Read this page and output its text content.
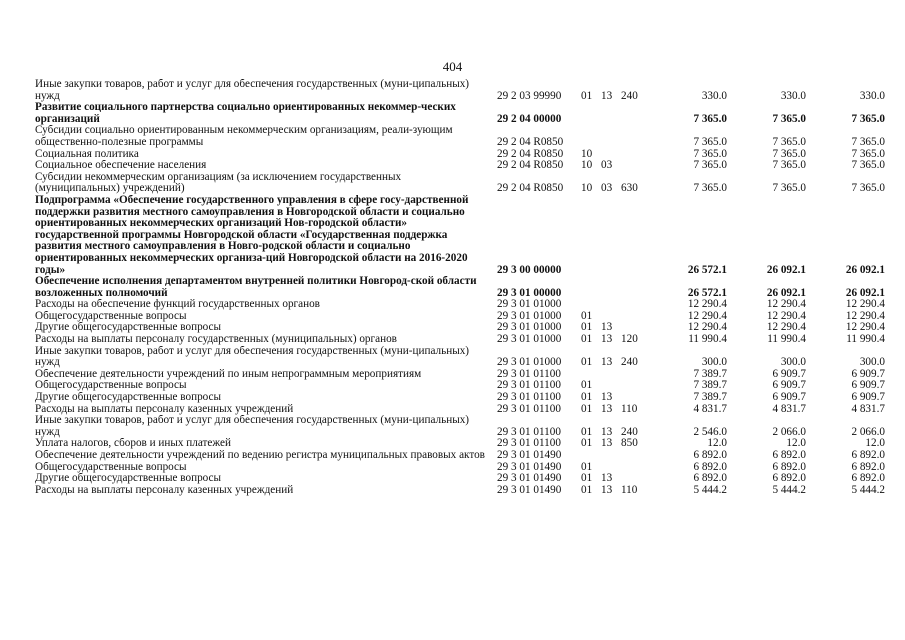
404
Иные закупки товаров, работ и услуг для обеспечения государственных (муни-ципальных) нужд	29 2 03 99990	01	13	240	330.0	330.0	330.0
Развитие социального партнерства социально ориентированных некоммер-ческих организаций	29 2 04 00000				7 365.0	7 365.0	7 365.0
Субсидии социально ориентированным некоммерческим организациям, реали-зующим общественно-полезные программы	29 2 04 R0850				7 365.0	7 365.0	7 365.0
Социальная политика	29 2 04 R0850	10			7 365.0	7 365.0	7 365.0
Социальное обеспечение населения	29 2 04 R0850	10	03		7 365.0	7 365.0	7 365.0
Субсидии некоммерческим организациям (за исключением государственных (муниципальных) учреждений)	29 2 04 R0850	10	03	630	7 365.0	7 365.0	7 365.0
Подпрограмма «Обеспечение государственного управления в сфере госу-дарственной поддержки развития местного самоуправления в Новгородской области и социально ориентированных некоммерческих организаций Нов-городской области» государственной программы Новгородской области «Государственная поддержка развития местного самоуправления в Новго-родской области и социально ориентированных некоммерческих организа-ций Новгородской области на 2016-2020 годы»	29 3 00 00000				26 572.1	26 092.1	26 092.1
Обеспечение исполнения департаментом внутренней политики Новгород-ской области возложенных полномочий	29 3 01 00000				26 572.1	26 092.1	26 092.1
Расходы на обеспечение функций государственных органов	29 3 01 01000				12 290.4	12 290.4	12 290.4
Общегосударственные вопросы	29 3 01 01000	01			12 290.4	12 290.4	12 290.4
Другие общегосударственные вопросы	29 3 01 01000	01	13		12 290.4	12 290.4	12 290.4
Расходы на выплаты персоналу государственных (муниципальных) органов	29 3 01 01000	01	13	120	11 990.4	11 990.4	11 990.4
Иные закупки товаров, работ и услуг для обеспечения государственных (муни-ципальных) нужд	29 3 01 01000	01	13	240	300.0	300.0	300.0
Обеспечение деятельности учреждений по иным непрограммным мероприятиям	29 3 01 01100				7 389.7	6 909.7	6 909.7
Общегосударственные вопросы	29 3 01 01100	01			7 389.7	6 909.7	6 909.7
Другие общегосударственные вопросы	29 3 01 01100	01	13		7 389.7	6 909.7	6 909.7
Расходы на выплаты персоналу казенных учреждений	29 3 01 01100	01	13	110	4 831.7	4 831.7	4 831.7
Иные закупки товаров, работ и услуг для обеспечения государственных (муни-ципальных) нужд	29 3 01 01100	01	13	240	2 546.0	2 066.0	2 066.0
Уплата налогов, сборов и иных платежей	29 3 01 01100	01	13	850	12.0	12.0	12.0
Обеспечение деятельности учреждений по ведению регистра муниципальных правовых актов	29 3 01 01490				6 892.0	6 892.0	6 892.0
Общегосударственные вопросы	29 3 01 01490	01			6 892.0	6 892.0	6 892.0
Другие общегосударственные вопросы	29 3 01 01490	01	13		6 892.0	6 892.0	6 892.0
Расходы на выплаты персоналу казенных учреждений	29 3 01 01490	01	13	110	5 444.2	5 444.2	5 444.2
